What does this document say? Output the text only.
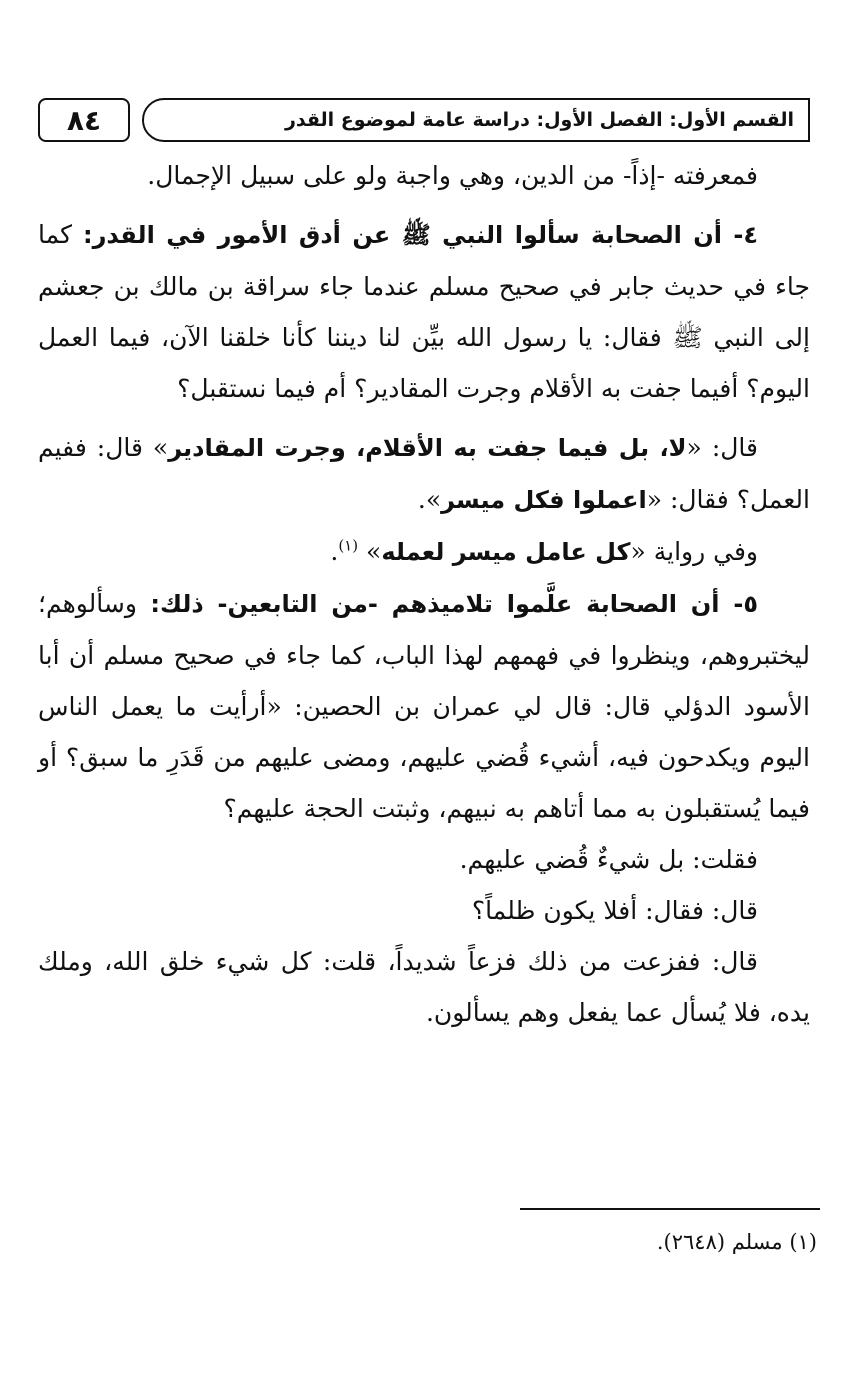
٨٤	القسم الأول: الفصل الأول: دراسة عامة لموضوع القدر

فمعرفته -إذاً- من الدين، وهي واجبة ولو على سبيل الإجمال.

٤- أن الصحابة سألوا النبي ﷺ عن أدق الأمور في القدر: كما جاء في حديث جابر في صحيح مسلم عندما جاء سراقة بن مالك بن جعشم إلى النبي ﷺ فقال: يا رسول الله بيِّن لنا ديننا كأنا خلقنا الآن، فيما العمل اليوم؟ أفيما جفت به الأقلام وجرت المقادير؟ أم فيما نستقبل؟

قال: «لا، بل فيما جفت به الأقلام، وجرت المقادير» قال: ففيم العمل؟ فقال: «اعملوا فكل ميسر».

وفي رواية «كل عامل ميسر لعمله» $^{(١)}$.

٥- أن الصحابة علَّموا تلاميذهم -من التابعين- ذلك: وسألوهم؛ ليختبروهم، وينظروا في فهمهم لهذا الباب، كما جاء في صحيح مسلم أن أبا الأسود الدؤلي قال: قال لي عمران بن الحصين: «أرأيت ما يعمل الناس اليوم ويكدحون فيه، أشيء قُضي عليهم، ومضى عليهم من قَدَرِ ما سبق؟ أو فيما يُستقبلون به مما أتاهم به نبيهم، وثبتت الحجة عليهم؟

فقلت: بل شيءٌ قُضي عليهم.

قال: فقال: أفلا يكون ظلماً؟

قال: ففزعت من ذلك فزعاً شديداً، قلت: كل شيء خلق الله، وملك يده، فلا يُسأل عما يفعل وهم يسألون.

(١) مسلم (٢٦٤٨).
